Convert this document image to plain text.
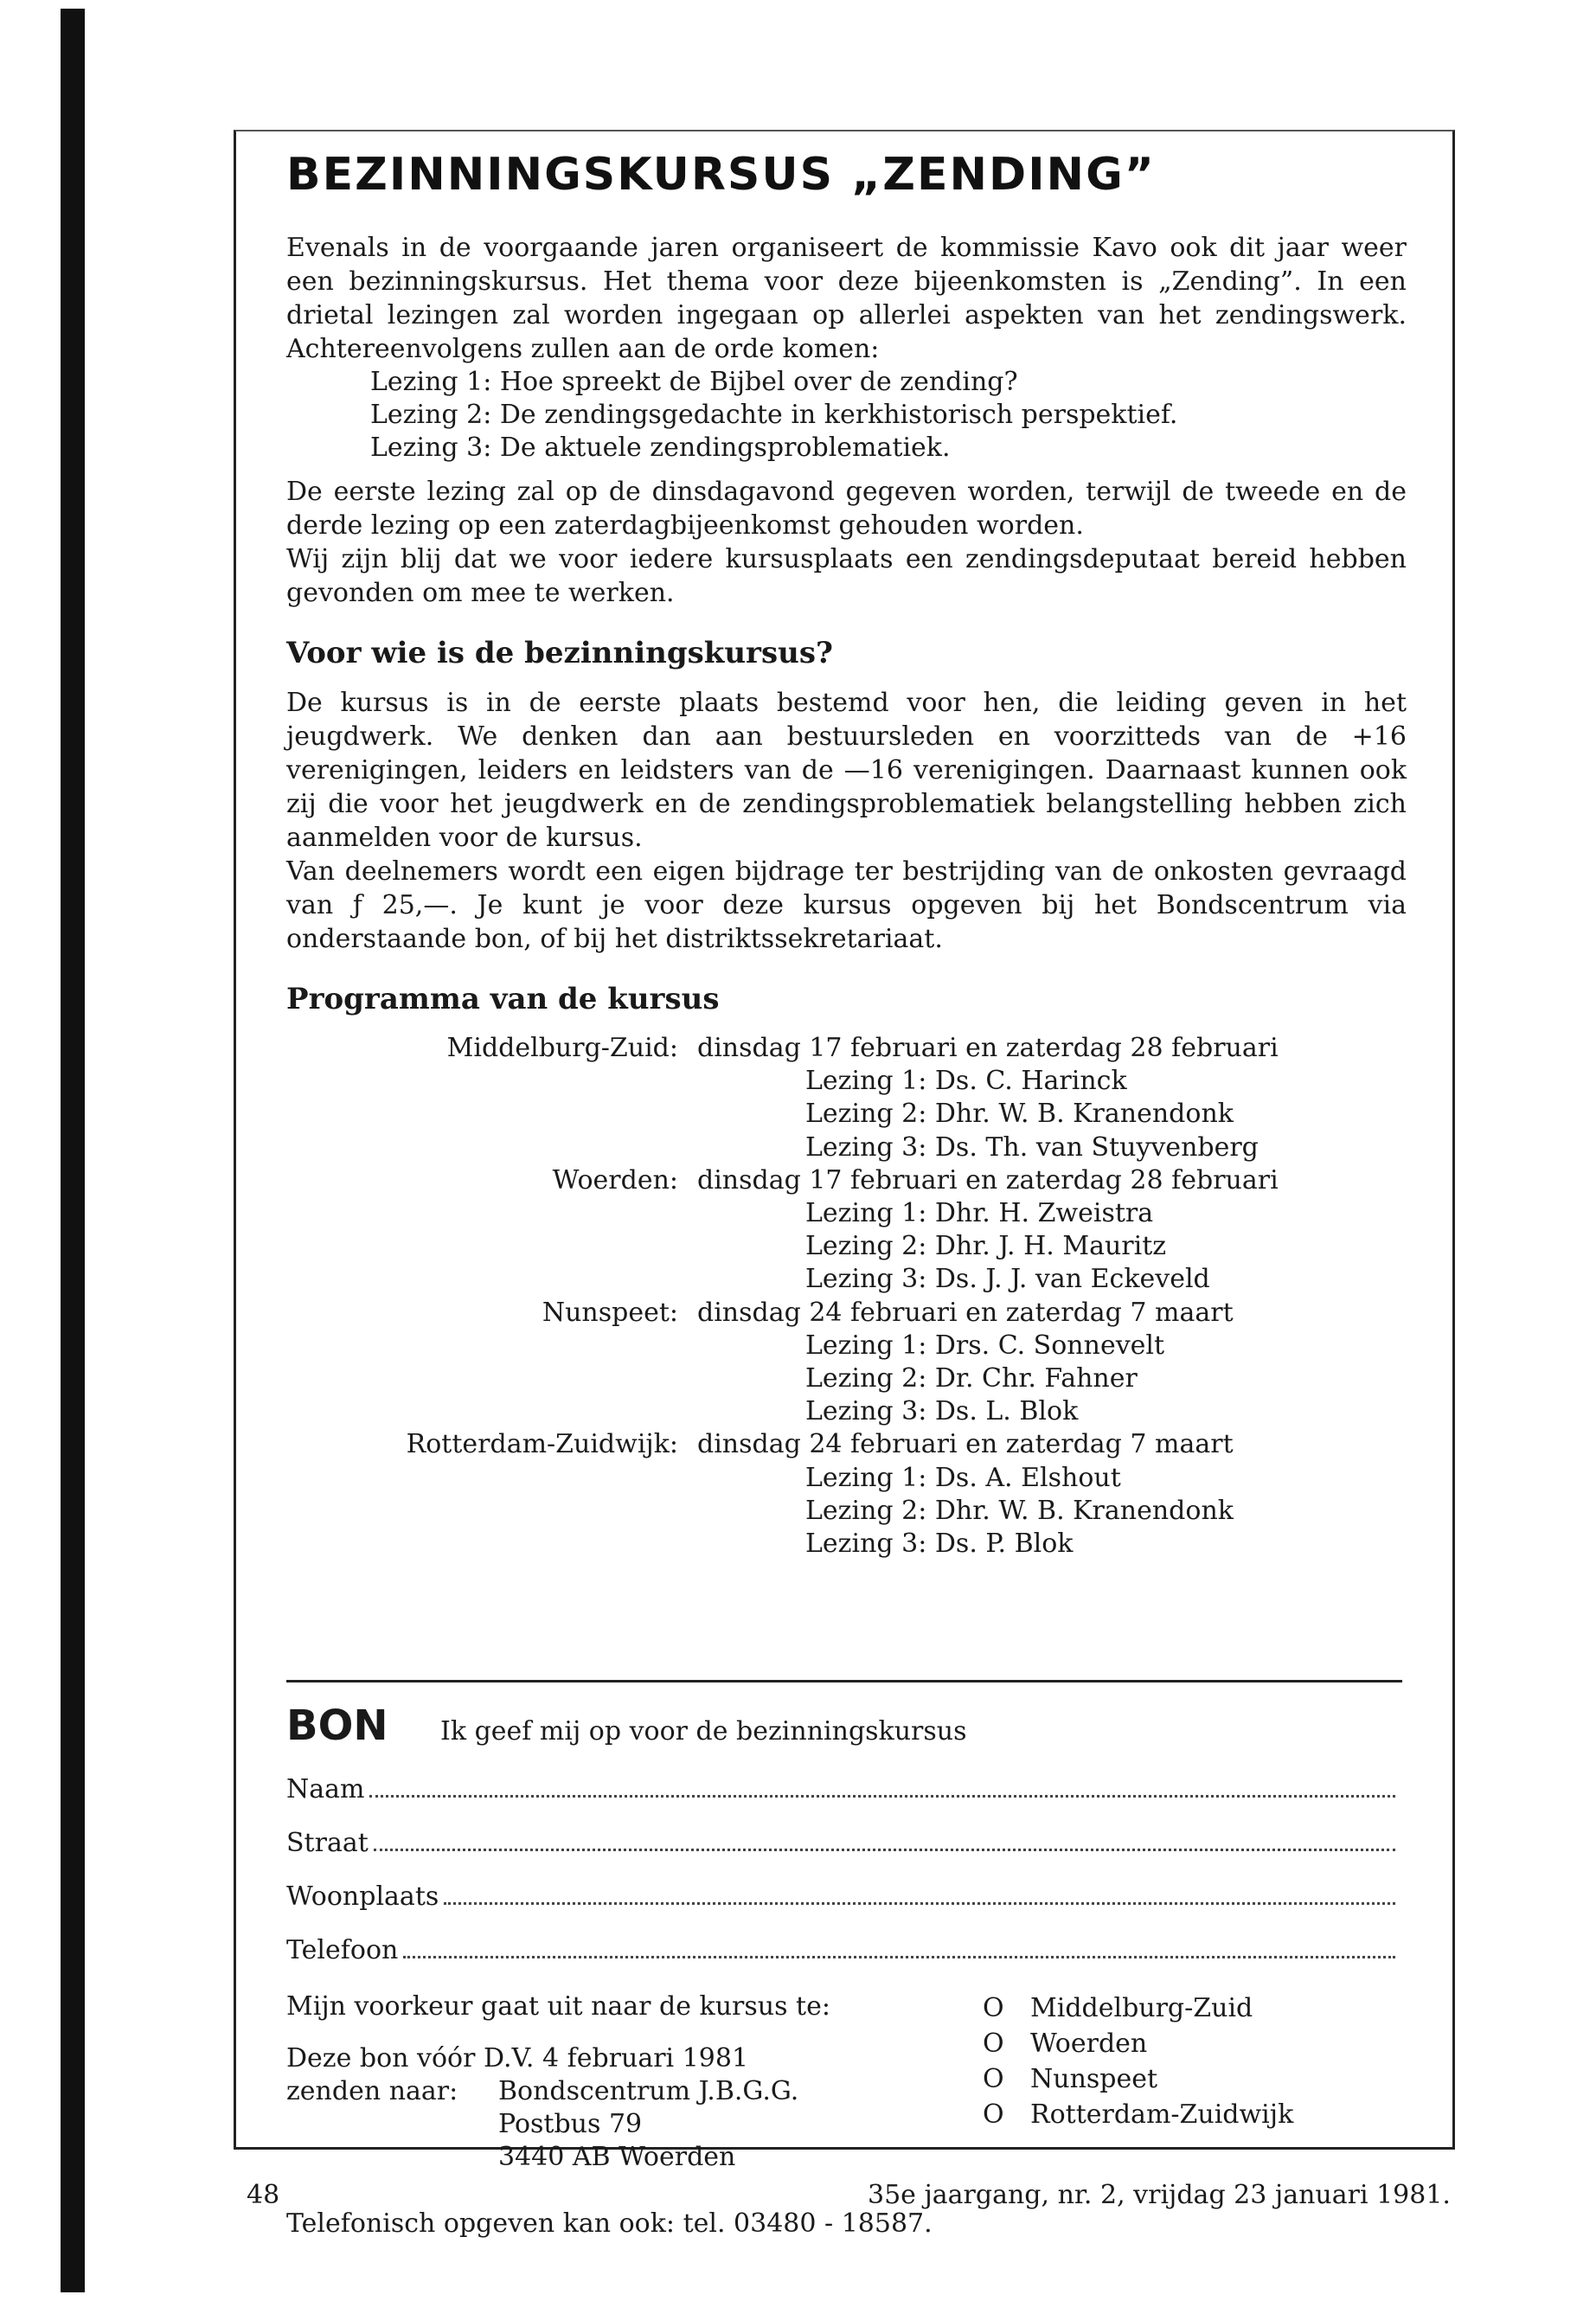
BEZINNINGSKURSUS „ZENDING”

Evenals in de voorgaande jaren organiseert de kommissie Kavo ook dit jaar weer een bezinningskursus. Het thema voor deze bijeenkomsten is „Zending”. In een drietal lezingen zal worden ingegaan op allerlei aspekten van het zendingswerk. Achtereenvolgens zullen aan de orde komen:

Lezing 1: Hoe spreekt de Bijbel over de zending?
Lezing 2: De zendingsgedachte in kerkhistorisch perspektief.
Lezing 3: De aktuele zendingsproblematiek.

De eerste lezing zal op de dinsdagavond gegeven worden, terwijl de tweede en de derde lezing op een zaterdagbijeenkomst gehouden worden.

Wij zijn blij dat we voor iedere kursusplaats een zendingsdeputaat bereid hebben gevonden om mee te werken.

Voor wie is de bezinningskursus?

De kursus is in de eerste plaats bestemd voor hen, die leiding geven in het jeugdwerk. We denken dan aan bestuursleden en voorzitteds van de +16 verenigingen, leiders en leidsters van de —16 verenigingen. Daarnaast kunnen ook zij die voor het jeugdwerk en de zendingsproblematiek belangstelling hebben zich aanmelden voor de kursus.

Van deelnemers wordt een eigen bijdrage ter bestrijding van de onkosten gevraagd van ƒ 25,—. Je kunt je voor deze kursus opgeven bij het Bondscentrum via onderstaande bon, of bij het distriktssekretariaat.

Programma van de kursus
Middelburg-Zuid: dinsdag 17 februari en zaterdag 28 februari
Lezing 1: Ds. C. Harinck
Lezing 2: Dhr. W. B. Kranendonk
Lezing 3: Ds. Th. van Stuyvenberg
Woerden: dinsdag 17 februari en zaterdag 28 februari
Lezing 1: Dhr. H. Zweistra
Lezing 2: Dhr. J. H. Mauritz
Lezing 3: Ds. J. J. van Eckeveld
Nunspeet: dinsdag 24 februari en zaterdag 7 maart
Lezing 1: Drs. C. Sonnevelt
Lezing 2: Dr. Chr. Fahner
Lezing 3: Ds. L. Blok
Rotterdam-Zuidwijk: dinsdag 24 februari en zaterdag 7 maart
Lezing 1: Ds. A. Elshout
Lezing 2: Dhr. W. B. Kranendonk
Lezing 3: Ds. P. Blok
BON	Ik geef mij op voor de bezinningskursus
Naam
Straat
Woonplaats
Telefoon
Mijn voorkeur gaat uit naar de kursus te:
Deze bon vóór D.V. 4 februari 1981
zenden naar:	Bondscentrum J.B.G.G.
Postbus 79
3440 AB Woerden
O	Middelburg-Zuid
O	Woerden
O	Nunspeet
O	Rotterdam-Zuidwijk
Telefonisch opgeven kan ook: tel. 03480 - 18587.
48	35e jaargang, nr. 2, vrijdag 23 januari 1981.
